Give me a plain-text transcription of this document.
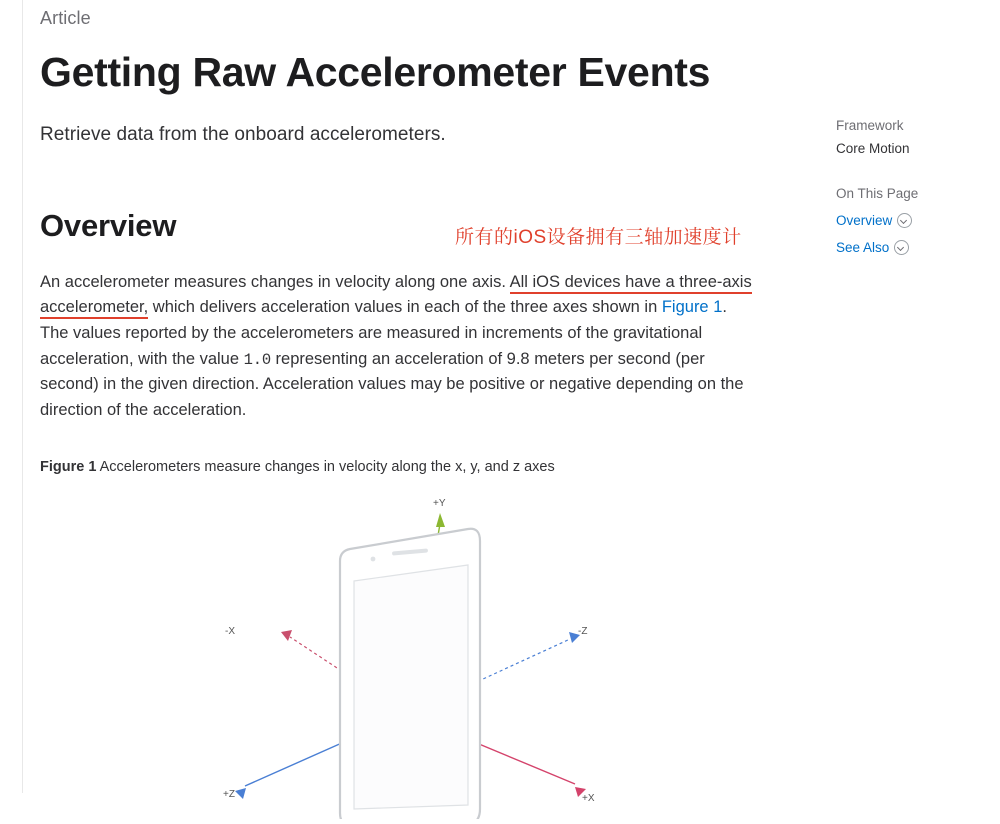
Article
Getting Raw Accelerometer Events
Retrieve data from the onboard accelerometers.
Overview

An accelerometer measures changes in velocity along one axis. All iOS devices have a three-axis accelerometer, which delivers acceleration values in each of the three axes shown in Figure 1. The values reported by the accelerometers are measured in increments of the gravitational acceleration, with the value 1.0 representing an acceleration of 9.8 meters per second (per second) in the given direction. Acceleration values may be positive or negative depending on the direction of the acceleration.

Figure 1 Accelerometers measure changes in velocity along the x, y, and z axes
+Y
-X	-Z
+Z	+X
所有的iOS设备拥有三轴加速度计
Framework
Core Motion
On This Page
Overview
See Also
